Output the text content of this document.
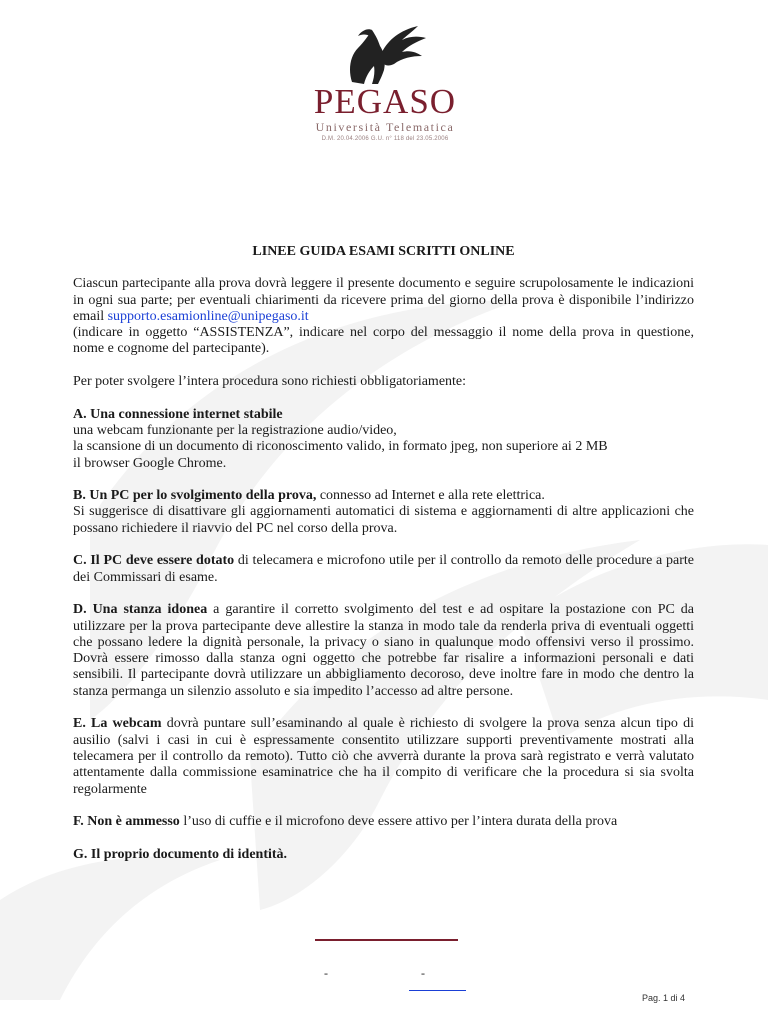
PEGASO
Università Telematica
D.M. 20.04.2006 G.U. n° 118 del 23.05.2006

LINEE GUIDA ESAMI SCRITTI ONLINE

Ciascun partecipante alla prova dovrà leggere il presente documento e seguire scrupolosamente le indicazioni in ogni sua parte; per eventuali chiarimenti da ricevere prima del giorno della prova è disponibile l’indirizzo email supporto.esamionline@unipegaso.it
(indicare in oggetto “ASSISTENZA”, indicare nel corpo del messaggio il nome della prova in questione, nome e cognome del partecipante).

Per poter svolgere l’intera procedura sono richiesti obbligatoriamente:

A. Una connessione internet stabile
una webcam funzionante per la registrazione audio/video,
la scansione di un documento di riconoscimento valido, in formato jpeg, non superiore ai 2 MB
il browser Google Chrome.

B. Un PC per lo svolgimento della prova, connesso ad Internet e alla rete elettrica.
Si suggerisce di disattivare gli aggiornamenti automatici di sistema e aggiornamenti di altre applicazioni che possano richiedere il riavvio del PC nel corso della prova.

C. Il PC deve essere dotato di telecamera e microfono utile per il controllo da remoto delle procedure a parte dei Commissari di esame.

D. Una stanza idonea a garantire il corretto svolgimento del test e ad ospitare la postazione con PC da utilizzare per la prova partecipante deve allestire la stanza in modo tale da renderla priva di eventuali oggetti che possano ledere la dignità personale, la privacy o siano in qualunque modo offensivi verso il prossimo. Dovrà essere rimosso dalla stanza ogni oggetto che potrebbe far risalire a informazioni personali e dati sensibili. Il partecipante dovrà utilizzare un abbigliamento decoroso, deve inoltre fare in modo che dentro la stanza permanga un silenzio assoluto e sia impedito l’accesso ad altre persone.

E. La webcam dovrà puntare sull’esaminando al quale è richiesto di svolgere la prova senza alcun tipo di ausilio (salvi i casi in cui è espressamente consentito utilizzare supporti preventivamente mostrati alla telecamera per il controllo da remoto). Tutto ciò che avverrà durante la prova sarà registrato e verrà valutato attentamente dalla commissione esaminatrice che ha il compito di verificare che la procedura si sia svolta regolarmente

F. Non è ammesso l’uso di cuffie e il microfono deve essere attivo per l’intera durata della prova

G. Il proprio documento di identità.

-	-
Pag. 1 di 4
